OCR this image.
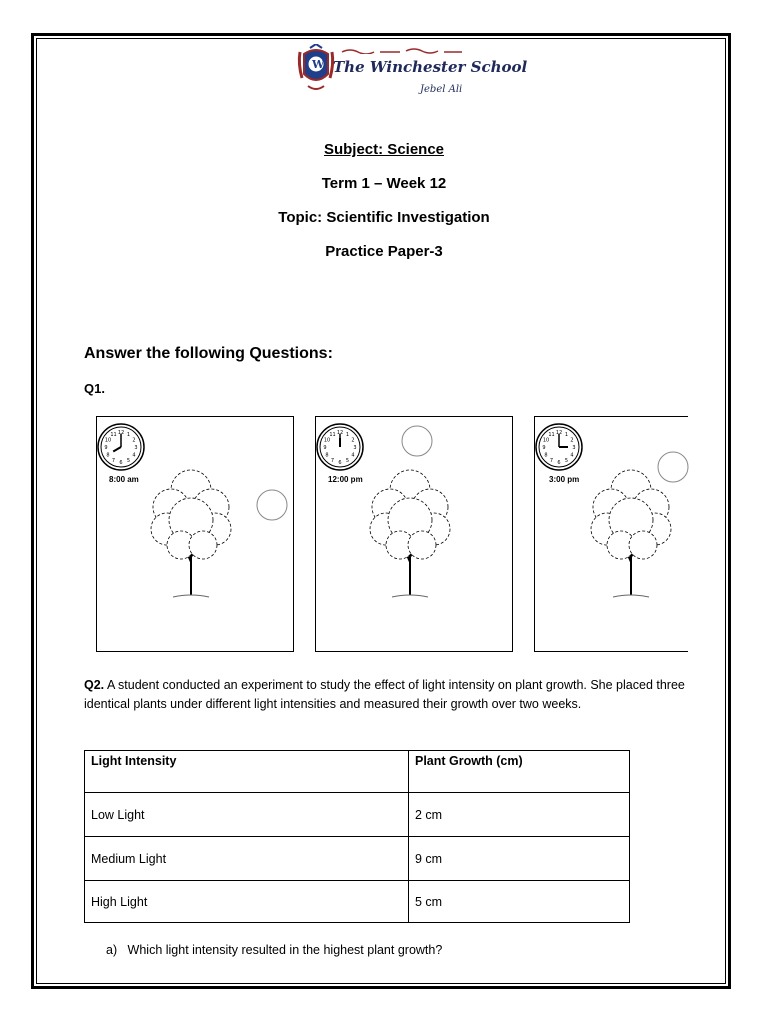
W The Winchester School
Jebel Ali
Subject: Science
Term 1 – Week 12
Topic: Scientific Investigation
Practice Paper-3
Answer the following Questions:
Q1.
1
2
3
4
5
6
7
8
9
10
11 12
8:00 am
1
2
3
4
5
6
7
8
9
10
11 12
12:00 pm
1
2
3
4
5
6
7
8
9
10
11 12
3:00 pm
Q2. A student conducted an experiment to study the effect of light intensity on plant growth. She placed three identical plants under different light intensities and measured their growth over two weeks.
Light Intensity	Plant Growth (cm)
Low Light	2 cm
Medium Light	9 cm
High Light	5 cm
a) Which light intensity resulted in the highest plant growth?
